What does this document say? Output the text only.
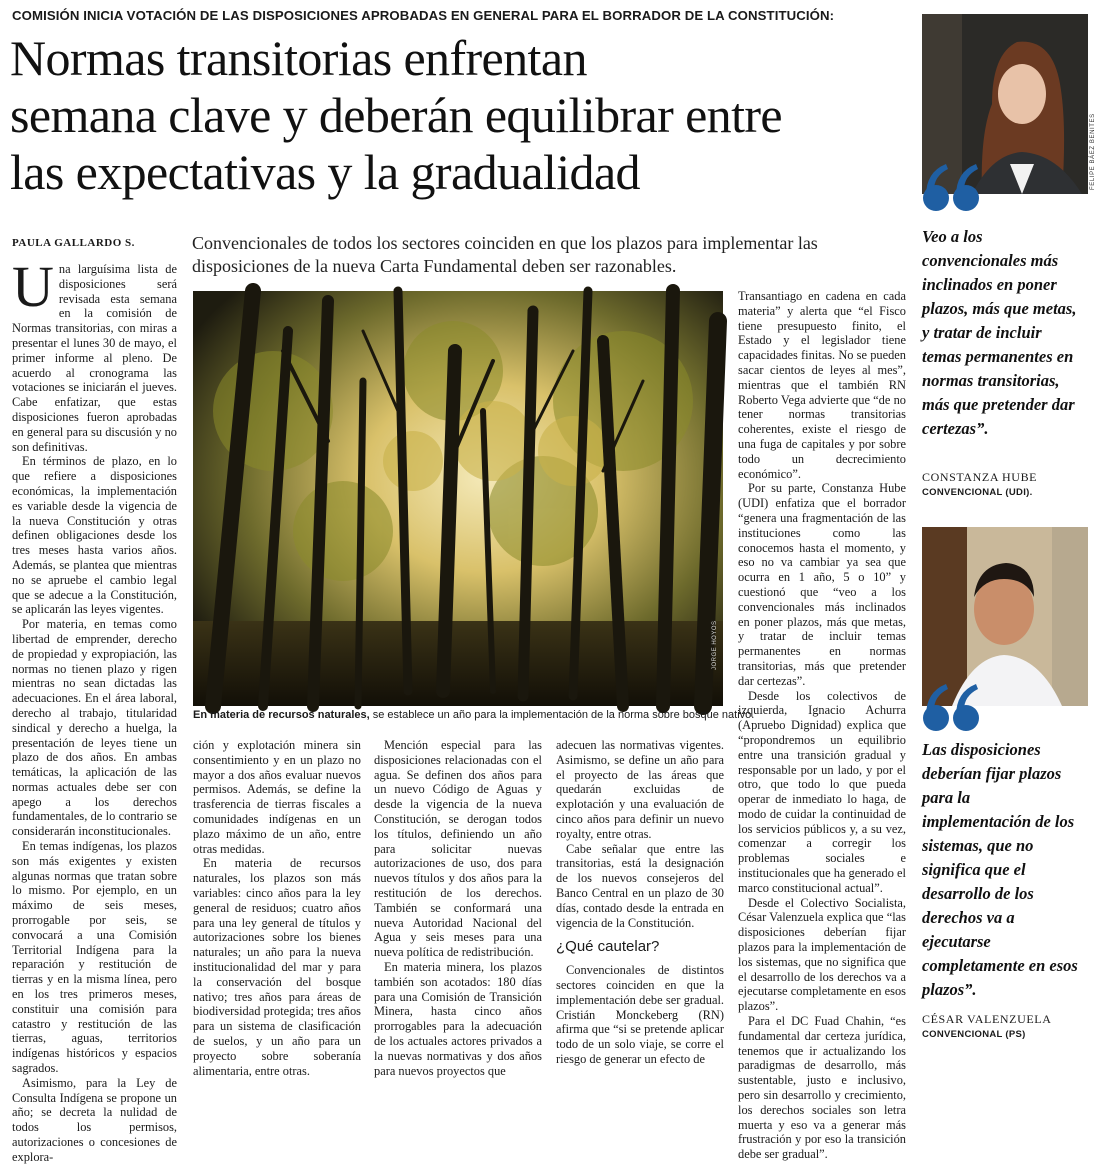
COMISIÓN INICIA VOTACIÓN DE LAS DISPOSICIONES APROBADAS EN GENERAL PARA EL BORRADOR DE LA CONSTITUCIÓN:
Normas transitorias enfrentan
semana clave y deberán equilibrar entre
las expectativas y la gradualidad
PAULA GALLARDO S.	Convencionales de todos los sectores coinciden en que los plazos para implementar las disposiciones de la nueva Carta Fundamental deben ser razonables.

Una larguísima lista de disposiciones será revisada esta semana en la comisión de Normas transitorias, con miras a presentar el lunes 30 de mayo, el primer informe al pleno. De acuerdo al cronograma las votaciones se iniciarán el jueves. Cabe enfatizar, que estas disposiciones fueron aprobadas en general para su discusión y no son definitivas.

En términos de plazo, en lo que refiere a disposiciones económicas, la implementación es variable desde la vigencia de la nueva Constitución y otras definen obligaciones desde los tres meses hasta varios años. Además, se plantea que mientras no se apruebe el cambio legal que se adecue a la Constitución, se aplicarán las leyes vigentes.

Por materia, en temas como libertad de emprender, derecho de propiedad y expropiación, las normas no tienen plazo y rigen mientras no sean dictadas las adecuaciones. En el área laboral, derecho al trabajo, titularidad sindical y derecho a huelga, la presentación de leyes tiene un plazo de dos años. En ambas temáticas, la aplicación de las normas actuales debe ser con apego a los derechos fundamentales, de lo contrario se considerarán inconstitucionales.

En temas indígenas, los plazos son más exigentes y existen algunas normas que tratan sobre lo mismo. Por ejemplo, en un máximo de seis meses, prorrogable por seis, se convocará a una Comisión Territorial Indígena para la reparación y restitución de tierras y en la misma línea, pero en los tres primeros meses, constituir una comisión para catastro y restitución de las tierras, aguas, territorios indígenas históricos y espacios sagrados.

Asimismo, para la Ley de Consulta Indígena se propone un año; se decreta la nulidad de todos los permisos, autorizaciones o concesiones de explora-

JORGE HOYOS
En materia de recursos naturales, se establece un año para la implementación de la norma sobre bosque nativo.

ción y explotación minera sin consentimiento y en un plazo no mayor a dos años evaluar nuevos permisos. Además, se define la trasferencia de tierras fiscales a comunidades indígenas en un plazo máximo de un año, entre otras medidas.

En materia de recursos naturales, los plazos son más variables: cinco años para la ley general de residuos; cuatro años para una ley general de títulos y autorizaciones sobre los bienes naturales; un año para la nueva institucionalidad del mar y para la conservación del bosque nativo; tres años para áreas de biodiversidad protegida; tres años para un sistema de clasificación de suelos, y un año para un proyecto sobre soberanía alimentaria, entre otras.

Mención especial para las disposiciones relacionadas con el agua. Se definen dos años para un nuevo Código de Aguas y desde la vigencia de la nueva Constitución, se derogan todos los títulos, definiendo un año para solicitar nuevas autorizaciones de uso, dos para nuevos títulos y dos años para la restitución de los derechos. También se conformará una nueva Autoridad Nacional del Agua y seis meses para una nueva política de redistribución.

En materia minera, los plazos también son acotados: 180 días para una Comisión de Transición Minera, hasta cinco años prorrogables para la adecuación de los actuales actores privados a la nuevas normativas y dos años para nuevos proyectos que

adecuen las normativas vigentes. Asimismo, se define un año para el proyecto de las áreas que quedarán excluidas de explotación y una evaluación de cinco años para definir un nuevo royalty, entre otras.

Cabe señalar que entre las transitorias, está la designación de los nuevos consejeros del Banco Central en un plazo de 30 días, contado desde la entrada en vigencia de la Constitución.

¿Qué cautelar?

Convencionales de distintos sectores coinciden en que la implementación debe ser gradual. Cristián Monckeberg (RN) afirma que “si se pretende aplicar todo de un solo viaje, se corre el riesgo de generar un efecto de

Transantiago en cadena en cada materia” y alerta que “el Fisco tiene presupuesto finito, el Estado y el legislador tiene capacidades finitas. No se pueden sacar cientos de leyes al mes”, mientras que el también RN Roberto Vega advierte que “de no tener normas transitorias coherentes, existe el riesgo de una fuga de capitales y por sobre todo un decrecimiento económico”.

Por su parte, Constanza Hube (UDI) enfatiza que el borrador “genera una fragmentación de las instituciones como las conocemos hasta el momento, y eso no va cambiar ya sea que ocurra en 1 año, 5 o 10” y cuestionó que “veo a los convencionales más inclinados en poner plazos, más que metas, y tratar de incluir temas permanentes en normas transitorias, más que pretender dar certezas”.

Desde los colectivos de izquierda, Ignacio Achurra (Apruebo Dignidad) explica que “propondremos un equilibrio entre una transición gradual y responsable por un lado, y por el otro, que todo lo que pueda operar de inmediato lo haga, de modo de cuidar la continuidad de los servicios públicos y, a su vez, comenzar a corregir los problemas sociales e institucionales que ha generado el marco constitucional actual”.

Desde el Colectivo Socialista, César Valenzuela explica que “las disposiciones deberían fijar plazos para la implementación de los sistemas, que no significa que el desarrollo de los derechos va a ejecutarse completamente en esos plazos”.

Para el DC Fuad Chahin, “es fundamental dar certeza jurídica, tenemos que ir actualizando los paradigmas de desarrollo, más sustentable, justo e inclusivo, pero sin desarrollo y crecimiento, los derechos sociales son letra muerta y eso va a generar más frustración y por eso la transición debe ser gradual”.

FELIPE BÁEZ BENITES
Veo a los convencionales más inclinados en poner plazos, más que metas, y tratar de incluir temas permanentes en normas transitorias, más que pretender dar certezas”.
CONSTANZA HUBE
CONVENCIONAL (UDI).
Las disposiciones deberían fijar plazos para la implementación de los sistemas, que no significa que el desarrollo de los derechos va a ejecutarse completamente en esos plazos”.
CÉSAR VALENZUELA
CONVENCIONAL (PS)
